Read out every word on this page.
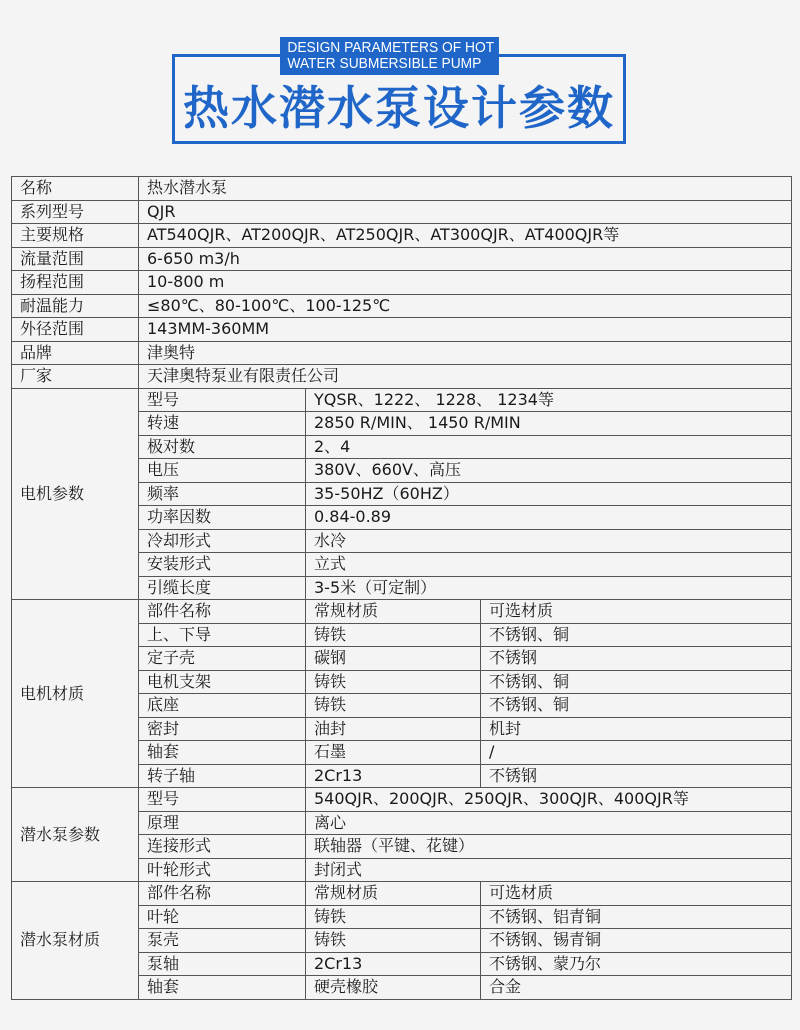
DESIGN PARAMETERS OF HOT
WATER SUBMERSIBLE PUMP
热水潜水泵设计参数
名称	热水潜水泵		
系列型号	QJR		
主要规格	AT540QJR、AT200QJR、AT250QJR、AT300QJR、AT400QJR等		
流量范围	6-650 m3/h		
扬程范围	10-800 m		
耐温能力	≤80℃、80-100℃、100-125℃		
外径范围	143MM-360MM		
品牌	津奥特		
厂家	天津奥特泵业有限责任公司		
电机参数	型号	YQSR、1222、 1228、 1234等	
	转速	2850 R/MIN、 1450 R/MIN	
	极对数	2、4	
	电压	380V、660V、高压	
	频率	35-50HZ（60HZ）	
	功率因数	0.84-0.89	
	冷却形式	水冷	
	安装形式	立式	
	引缆长度	3-5米（可定制）	
电机材质	部件名称	常规材质	可选材质
	上、下导	铸铁	不锈钢、铜
	定子壳	碳钢	不锈钢
	电机支架	铸铁	不锈钢、铜
	底座	铸铁	不锈钢、铜
	密封	油封	机封
	轴套	石墨	/
	转子轴	2Cr13	不锈钢
潜水泵参数	型号	540QJR、200QJR、250QJR、300QJR、400QJR等	
	原理	离心	
	连接形式	联轴器（平键、花键）	
	叶轮形式	封闭式	
潜水泵材质	部件名称	常规材质	可选材质
	叶轮	铸铁	不锈钢、铝青铜
	泵壳	铸铁	不锈钢、锡青铜
	泵轴	2Cr13	不锈钢、蒙乃尔
	轴套	硬壳橡胶	合金
